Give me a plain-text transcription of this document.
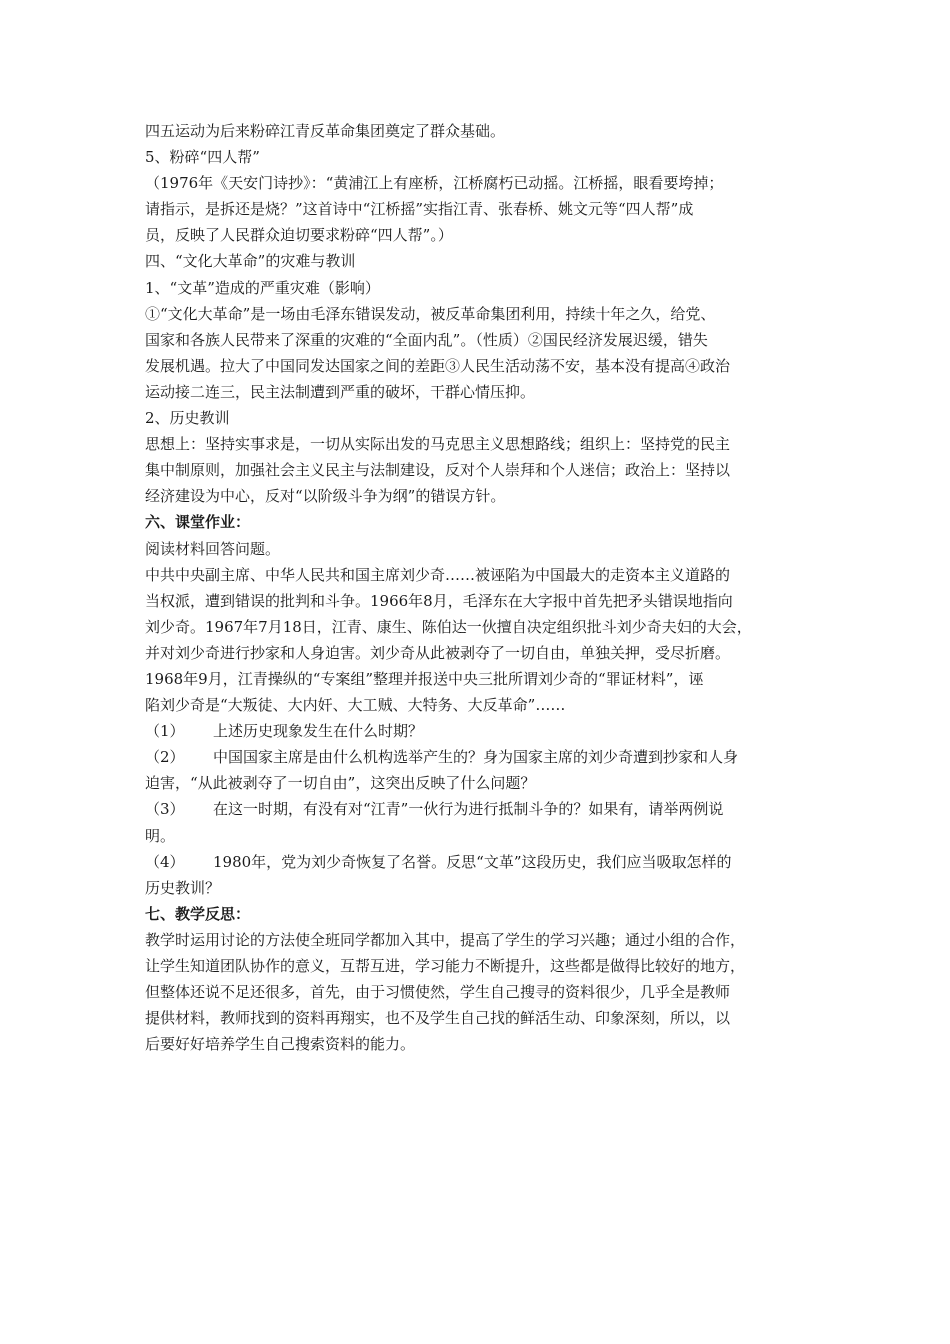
四五运动为后来粉碎江青反革命集团奠定了群众基础。
5、粉碎“四人帮”
（1976年《天安门诗抄》：“黄浦江上有座桥，江桥腐朽已动摇。江桥摇，眼看要垮掉；
请指示，是拆还是烧？”这首诗中“江桥摇”实指江青、张春桥、姚文元等“四人帮”成
员，反映了人民群众迫切要求粉碎“四人帮”。）
四、“文化大革命”的灾难与教训
1、“文革”造成的严重灾难（影响）
①“文化大革命”是一场由毛泽东错误发动，被反革命集团利用，持续十年之久，给党、
国家和各族人民带来了深重的灾难的“全面内乱”。（性质）②国民经济发展迟缓，错失
发展机遇。拉大了中国同发达国家之间的差距③人民生活动荡不安，基本没有提高④政治
运动接二连三，民主法制遭到严重的破坏，干群心情压抑。
2、历史教训
思想上：坚持实事求是，一切从实际出发的马克思主义思想路线；组织上：坚持党的民主
集中制原则，加强社会主义民主与法制建设，反对个人崇拜和个人迷信；政治上：坚持以
经济建设为中心，反对“以阶级斗争为纲”的错误方针。
六、课堂作业：
阅读材料回答问题。
中共中央副主席、中华人民共和国主席刘少奇……被诬陷为中国最大的走资本主义道路的
当权派，遭到错误的批判和斗争。1966年8月，毛泽东在大字报中首先把矛头错误地指向
刘少奇。1967年7月18日，江青、康生、陈伯达一伙擅自决定组织批斗刘少奇夫妇的大会，
并对刘少奇进行抄家和人身迫害。刘少奇从此被剥夺了一切自由，单独关押，受尽折磨。
1968年9月，江青操纵的“专案组”整理并报送中央三批所谓刘少奇的“罪证材料”，诬
陷刘少奇是“大叛徒、大内奸、大工贼、大特务、大反革命”……
（1）	上述历史现象发生在什么时期？
（2）	中国国家主席是由什么机构选举产生的？身为国家主席的刘少奇遭到抄家和人身
迫害，“从此被剥夺了一切自由”，这突出反映了什么问题？
（3）	在这一时期，有没有对“江青”一伙行为进行抵制斗争的？如果有，请举两例说
明。
（4）	1980年，党为刘少奇恢复了名誉。反思“文革”这段历史，我们应当吸取怎样的
历史教训？
七、教学反思：
教学时运用讨论的方法使全班同学都加入其中，提高了学生的学习兴趣；通过小组的合作，
让学生知道团队协作的意义，互帮互进，学习能力不断提升，这些都是做得比较好的地方，
但整体还说不足还很多，首先，由于习惯使然，学生自己搜寻的资料很少，几乎全是教师
提供材料，教师找到的资料再翔实，也不及学生自己找的鲜活生动、印象深刻，所以，以
后要好好培养学生自己搜索资料的能力。
